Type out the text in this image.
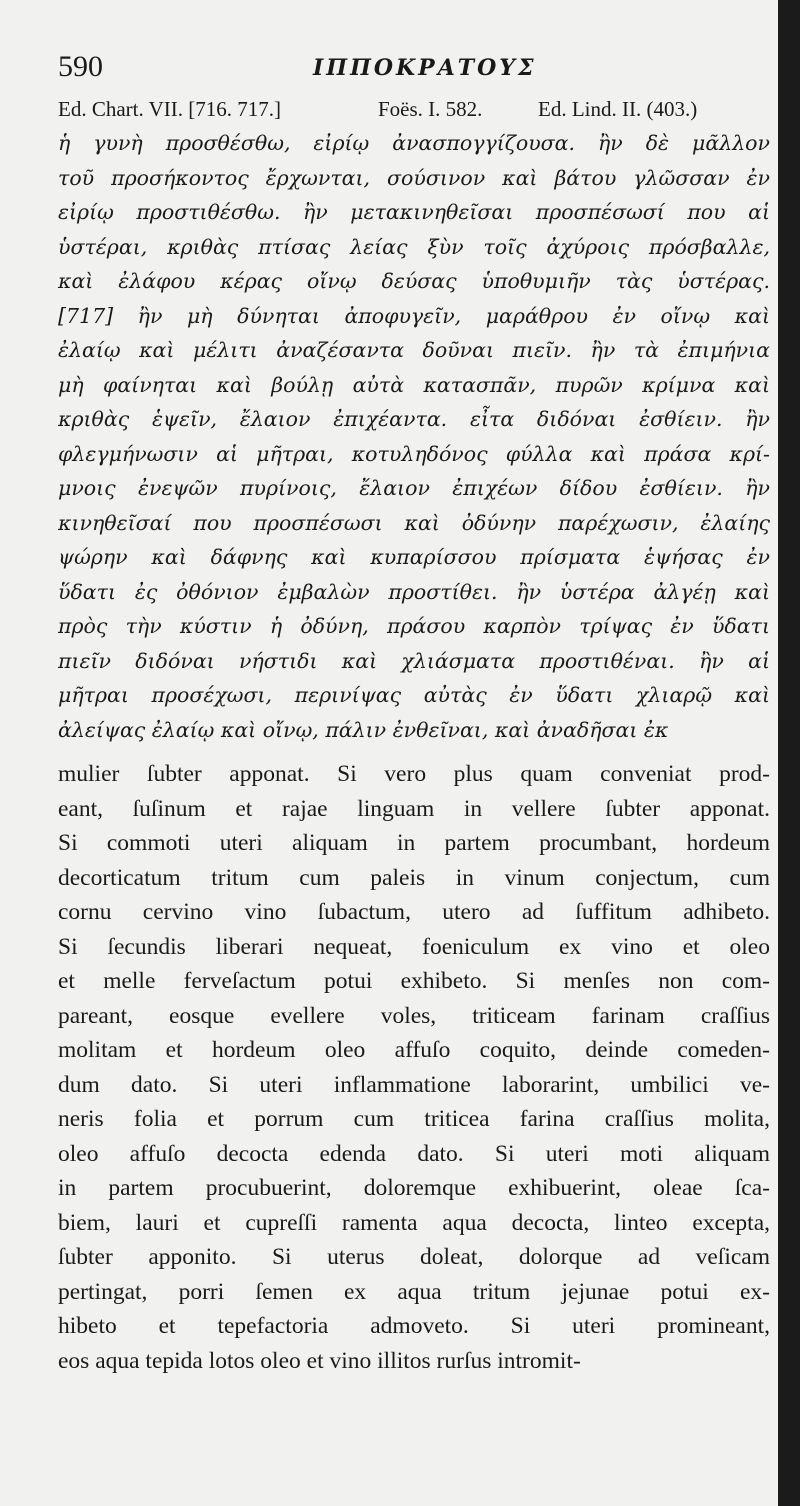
590	ΙΠΠΟΚΡΑΤΟΥΣ
Ed. Chart. VII. [716. 717.]	Foës. I. 582.	Ed. Lind. II. (403.)
ἡ γυνὴ προσθέσθω, εἰρίῳ ἀνασπογγίζουσα. ἢν δὲ μᾶλλον
τοῦ προσήκοντος ἔρχωνται, σούσινον καὶ βάτου γλῶσσαν ἐν
εἰρίῳ προστιθέσθω. ἢν μετακινηθεῖσαι προσπέσωσί που αἱ
ὑστέραι, κριθὰς πτίσας λείας ξὺν τοῖς ἀχύροις πρόσβαλλε,
καὶ ἐλάφου κέρας οἴνῳ δεύσας ὑποθυμιῆν τὰς ὑστέρας.
[717] ἢν μὴ δύνηται ἀποφυγεῖν, μαράθρου ἐν οἴνῳ καὶ
ἐλαίῳ καὶ μέλιτι ἀναζέσαντα δοῦναι πιεῖν. ἢν τὰ ἐπιμήνια
μὴ φαίνηται καὶ βούλῃ αὐτὰ κατασπᾶν, πυρῶν κρίμνα καὶ
κριθὰς ἑψεῖν, ἔλαιον ἐπιχέαντα. εἶτα διδόναι ἐσθίειν. ἢν
φλεγμήνωσιν αἱ μῆτραι, κοτυληδόνος φύλλα καὶ πράσα κρί-
μνοις ἐνεψῶν πυρίνοις, ἔλαιον ἐπιχέων δίδου ἐσθίειν. ἢν
κινηθεῖσαί που προσπέσωσι καὶ ὀδύνην παρέχωσιν, ἐλαίης
ψώρην καὶ δάφνης καὶ κυπαρίσσου πρίσματα ἑψήσας ἐν
ὕδατι ἐς ὀθόνιον ἐμβαλὼν προστίθει. ἢν ὑστέρα ἀλγέῃ καὶ
πρὸς τὴν κύστιν ἡ ὀδύνη, πράσου καρπὸν τρίψας ἐν ὕδατι
πιεῖν διδόναι νήστιδι καὶ χλιάσματα προστιθέναι. ἢν αἱ
μῆτραι προσέχωσι, περινίψας αὐτὰς ἐν ὕδατι χλιαρῷ καὶ
ἀλείψας ἐλαίῳ καὶ οἴνῳ, πάλιν ἐνθεῖναι, καὶ ἀναδῆσαι ἐκ
mulier ſubter apponat. Si vero plus quam conveniat prod-
eant, ſuſinum et rajae linguam in vellere ſubter apponat.
Si commoti uteri aliquam in partem procumbant, hordeum
decorticatum tritum cum paleis in vinum conjectum, cum
cornu cervino vino ſubactum, utero ad ſuffitum adhibeto.
Si ſecundis liberari nequeat, foeniculum ex vino et oleo
et melle ferveſactum potui exhibeto. Si menſes non com-
pareant, eosque evellere voles, triticeam farinam craſſius
molitam et hordeum oleo affuſo coquito, deinde comeden-
dum dato. Si uteri inflammatione laborarint, umbilici ve-
neris folia et porrum cum triticea farina craſſius molita,
oleo affuſo decocta edenda dato. Si uteri moti aliquam
in partem procubuerint, doloremque exhibuerint, oleae ſca-
biem, lauri et cupreſſi ramenta aqua decocta, linteo excepta,
ſubter apponito. Si uterus doleat, dolorque ad veſicam
pertingat, porri ſemen ex aqua tritum jejunae potui ex-
hibeto et tepefactoria admoveto. Si uteri promineant,
eos aqua tepida lotos oleo et vino illitos rurſus intromit-
